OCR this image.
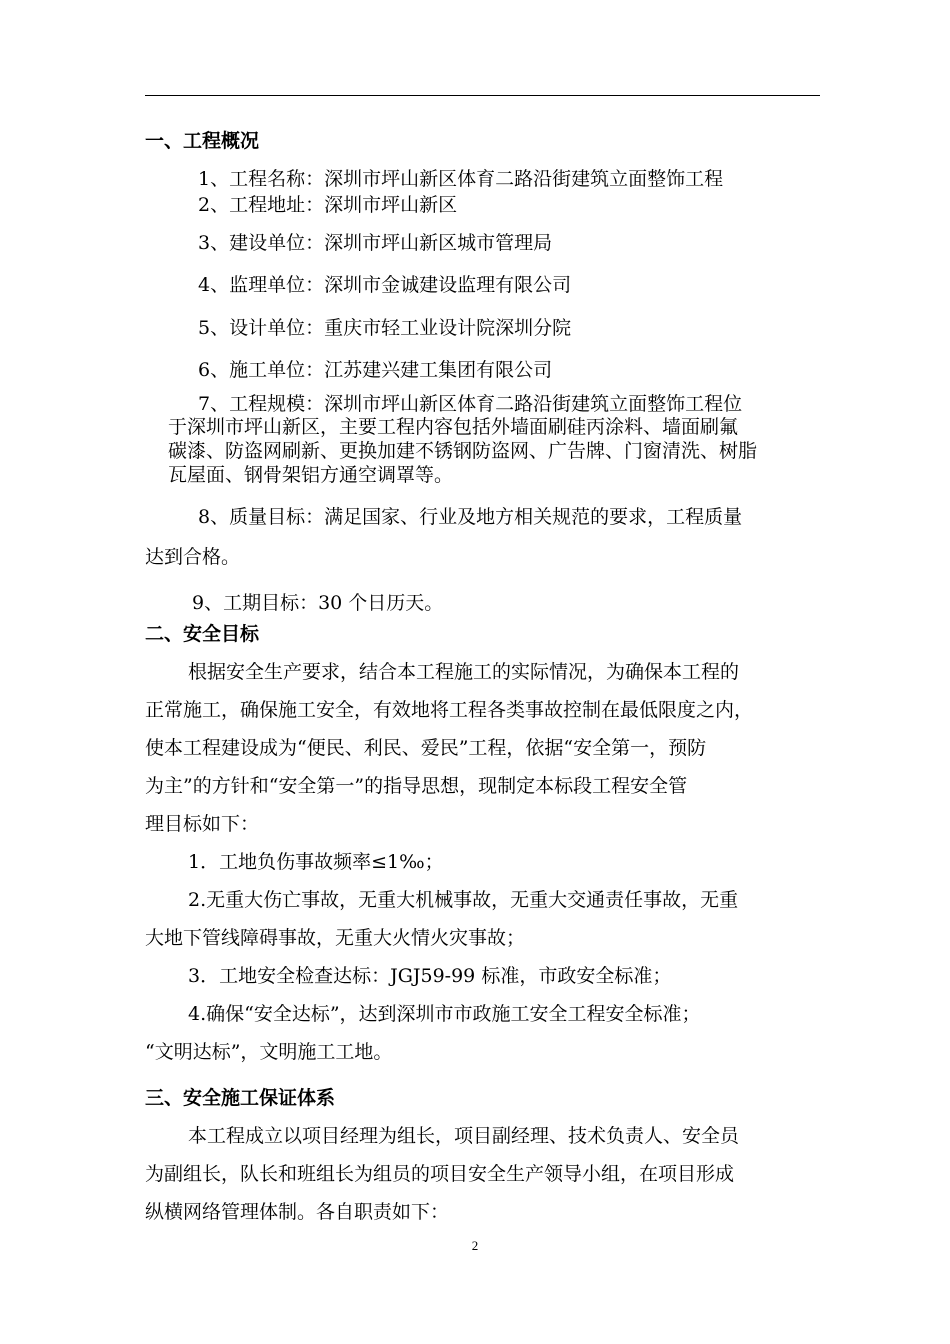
一、工程概况
1、工程名称：深圳市坪山新区体育二路沿街建筑立面整饰工程
2、工程地址：深圳市坪山新区
3、建设单位：深圳市坪山新区城市管理局
4、监理单位：深圳市金诚建设监理有限公司
5、设计单位：重庆市轻工业设计院深圳分院
6、施工单位：江苏建兴建工集团有限公司
7、工程规模：深圳市坪山新区体育二路沿街建筑立面整饰工程位
于深圳市坪山新区，主要工程内容包括外墙面刷硅丙涂料、墙面刷氟
碳漆、防盗网刷新、更换加建不锈钢防盗网、广告牌、门窗清洗、树脂
瓦屋面、钢骨架铝方通空调罩等。
8、质量目标：满足国家、行业及地方相关规范的要求，工程质量
达到合格。
9、工期目标：30 个日历天。
二、安全目标
根据安全生产要求，结合本工程施工的实际情况，为确保本工程的
正常施工，确保施工安全，有效地将工程各类事故控制在最低限度之内，
使本工程建设成为“便民、利民、爱民”工程，依据“安全第一，预防
为主”的方针和“安全第一”的指导思想，现制定本标段工程安全管
理目标如下：
1．工地负伤事故频率≤1‰；
2.无重大伤亡事故，无重大机械事故，无重大交通责任事故，无重
大地下管线障碍事故，无重大火情火灾事故；
3．工地安全检查达标：JGJ59-99 标准，市政安全标准；
4.确保“安全达标”，达到深圳市市政施工安全工程安全标准；
“文明达标”，文明施工工地。
三、安全施工保证体系
本工程成立以项目经理为组长，项目副经理、技术负责人、安全员
为副组长，队长和班组长为组员的项目安全生产领导小组，在项目形成
纵横网络管理体制。各自职责如下：
2
